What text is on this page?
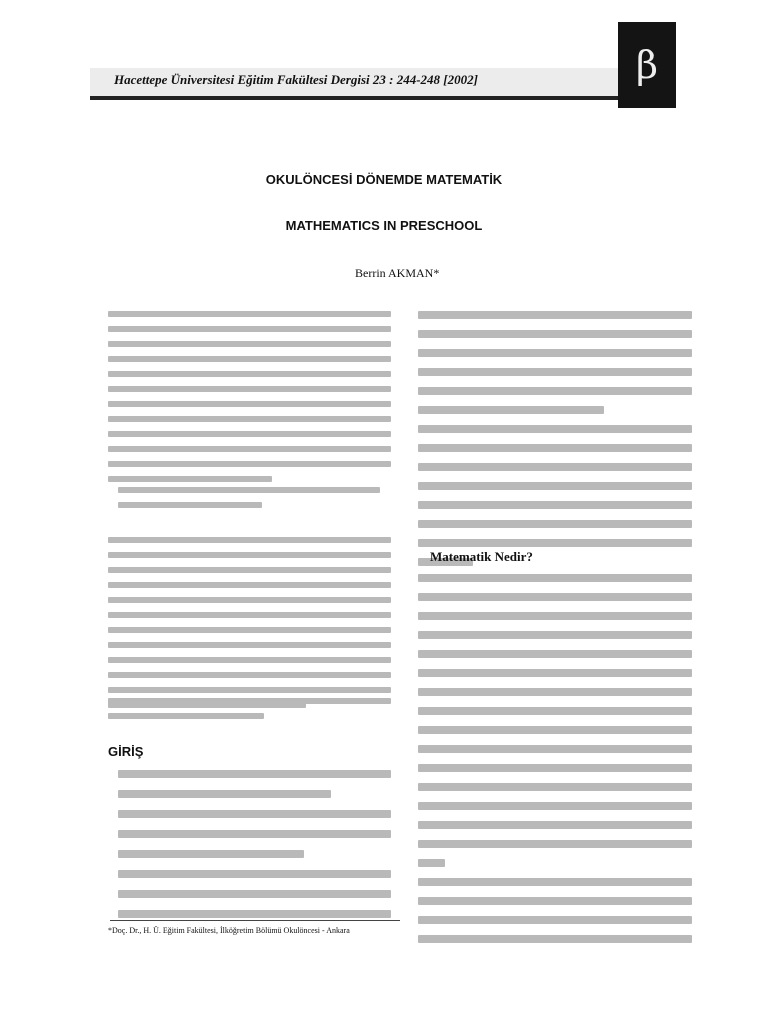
Hacettepe Üniversitesi Eğitim Fakültesi Dergisi 23 : 244-248 [2002]	β
OKULÖNCESİ DÖNEMDE MATEMATİK
MATHEMATICS IN PRESCHOOL
Berrin AKMAN*
GİRİŞ
Matematik Nedir?
*Doç. Dr., H. Ü. Eğitim Fakültesi, İlköğretim Bölümü Okulöncesi - Ankara
